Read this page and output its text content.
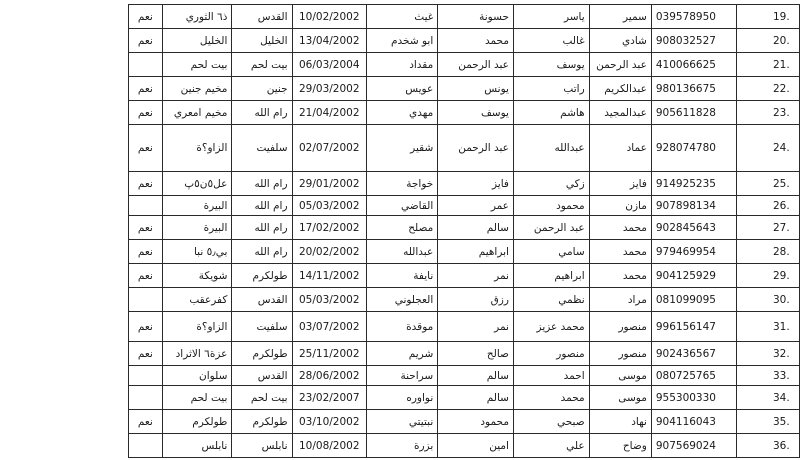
نعم	ذ٦ الثوري	القدس	10/02/2002	غيث	حسونة	ياسر	سمير	039578950	19.
نعم	الخليل	الخليل	13/04/2002	ابو شخدم	محمد	غالب	شادي	908032527	20.
	بيت لحم	بيت لحم	06/03/2004	مقداد	عبد الرحمن	يوسف	عبد الرحمن	410066625	21.
نعم	مخيم جنين	جنين	29/03/2002	عويس	يونس	راتب	عبدالكريم	980136675	22.
نعم	مخيم امعري	رام الله	21/04/2002	مهدي	يوسف	هاشم	عبدالمجيد	905611828	23.
نعم	الزاو؟ة	سلفيت	02/07/2002	شقير	عبد الرحمن	عبدالله	عماد	928074780	24.
نعم	عل٥ن٥ﭖ	رام الله	29/01/2002	خواجة	فايز	زكي	فايز	914925235	25.
	البيرة	رام الله	05/03/2002	القاضي	عمر	محمود	مازن	907898134	26.
نعم	البيرة	رام الله	17/02/2002	مصلح	سالم	عبد الرحمن	محمد	902845643	27.
نعم	بي٥٫ نبا	رام الله	20/02/2002	عبدالله	ابراهيم	سامي	محمد	979469954	28.
نعم	شويكة	طولكرم	14/11/2002	نايفة	نمر	ابراهيم	محمد	904125929	29.
	كفرعقب	القدس	05/03/2002	العجلوني	رزق	نظمي	مراد	081099095	30.
نعم	الزاو؟ة	سلفيت	03/07/2002	موقدة	نمر	محمد عزيز	منصور	996156147	31.
نعم	عزة٦ الاثراد	طولكرم	25/11/2002	شريم	صالح	منصور	منصور	902436567	32.
	سلوان	القدس	28/06/2002	سراحنة	سالم	احمد	موسى	080725765	33.
	بيت لحم	بيت لحم	23/02/2007	نواوره	سالم	محمد	موسى	955300330	34.
نعم	طولكرم	طولكرم	03/10/2002	نبتيتي	محمود	صبحي	نهاد	904116043	35.
	نابلس	نابلس	10/08/2002	بزرة	امين	علي	وضاح	907569024	36.
